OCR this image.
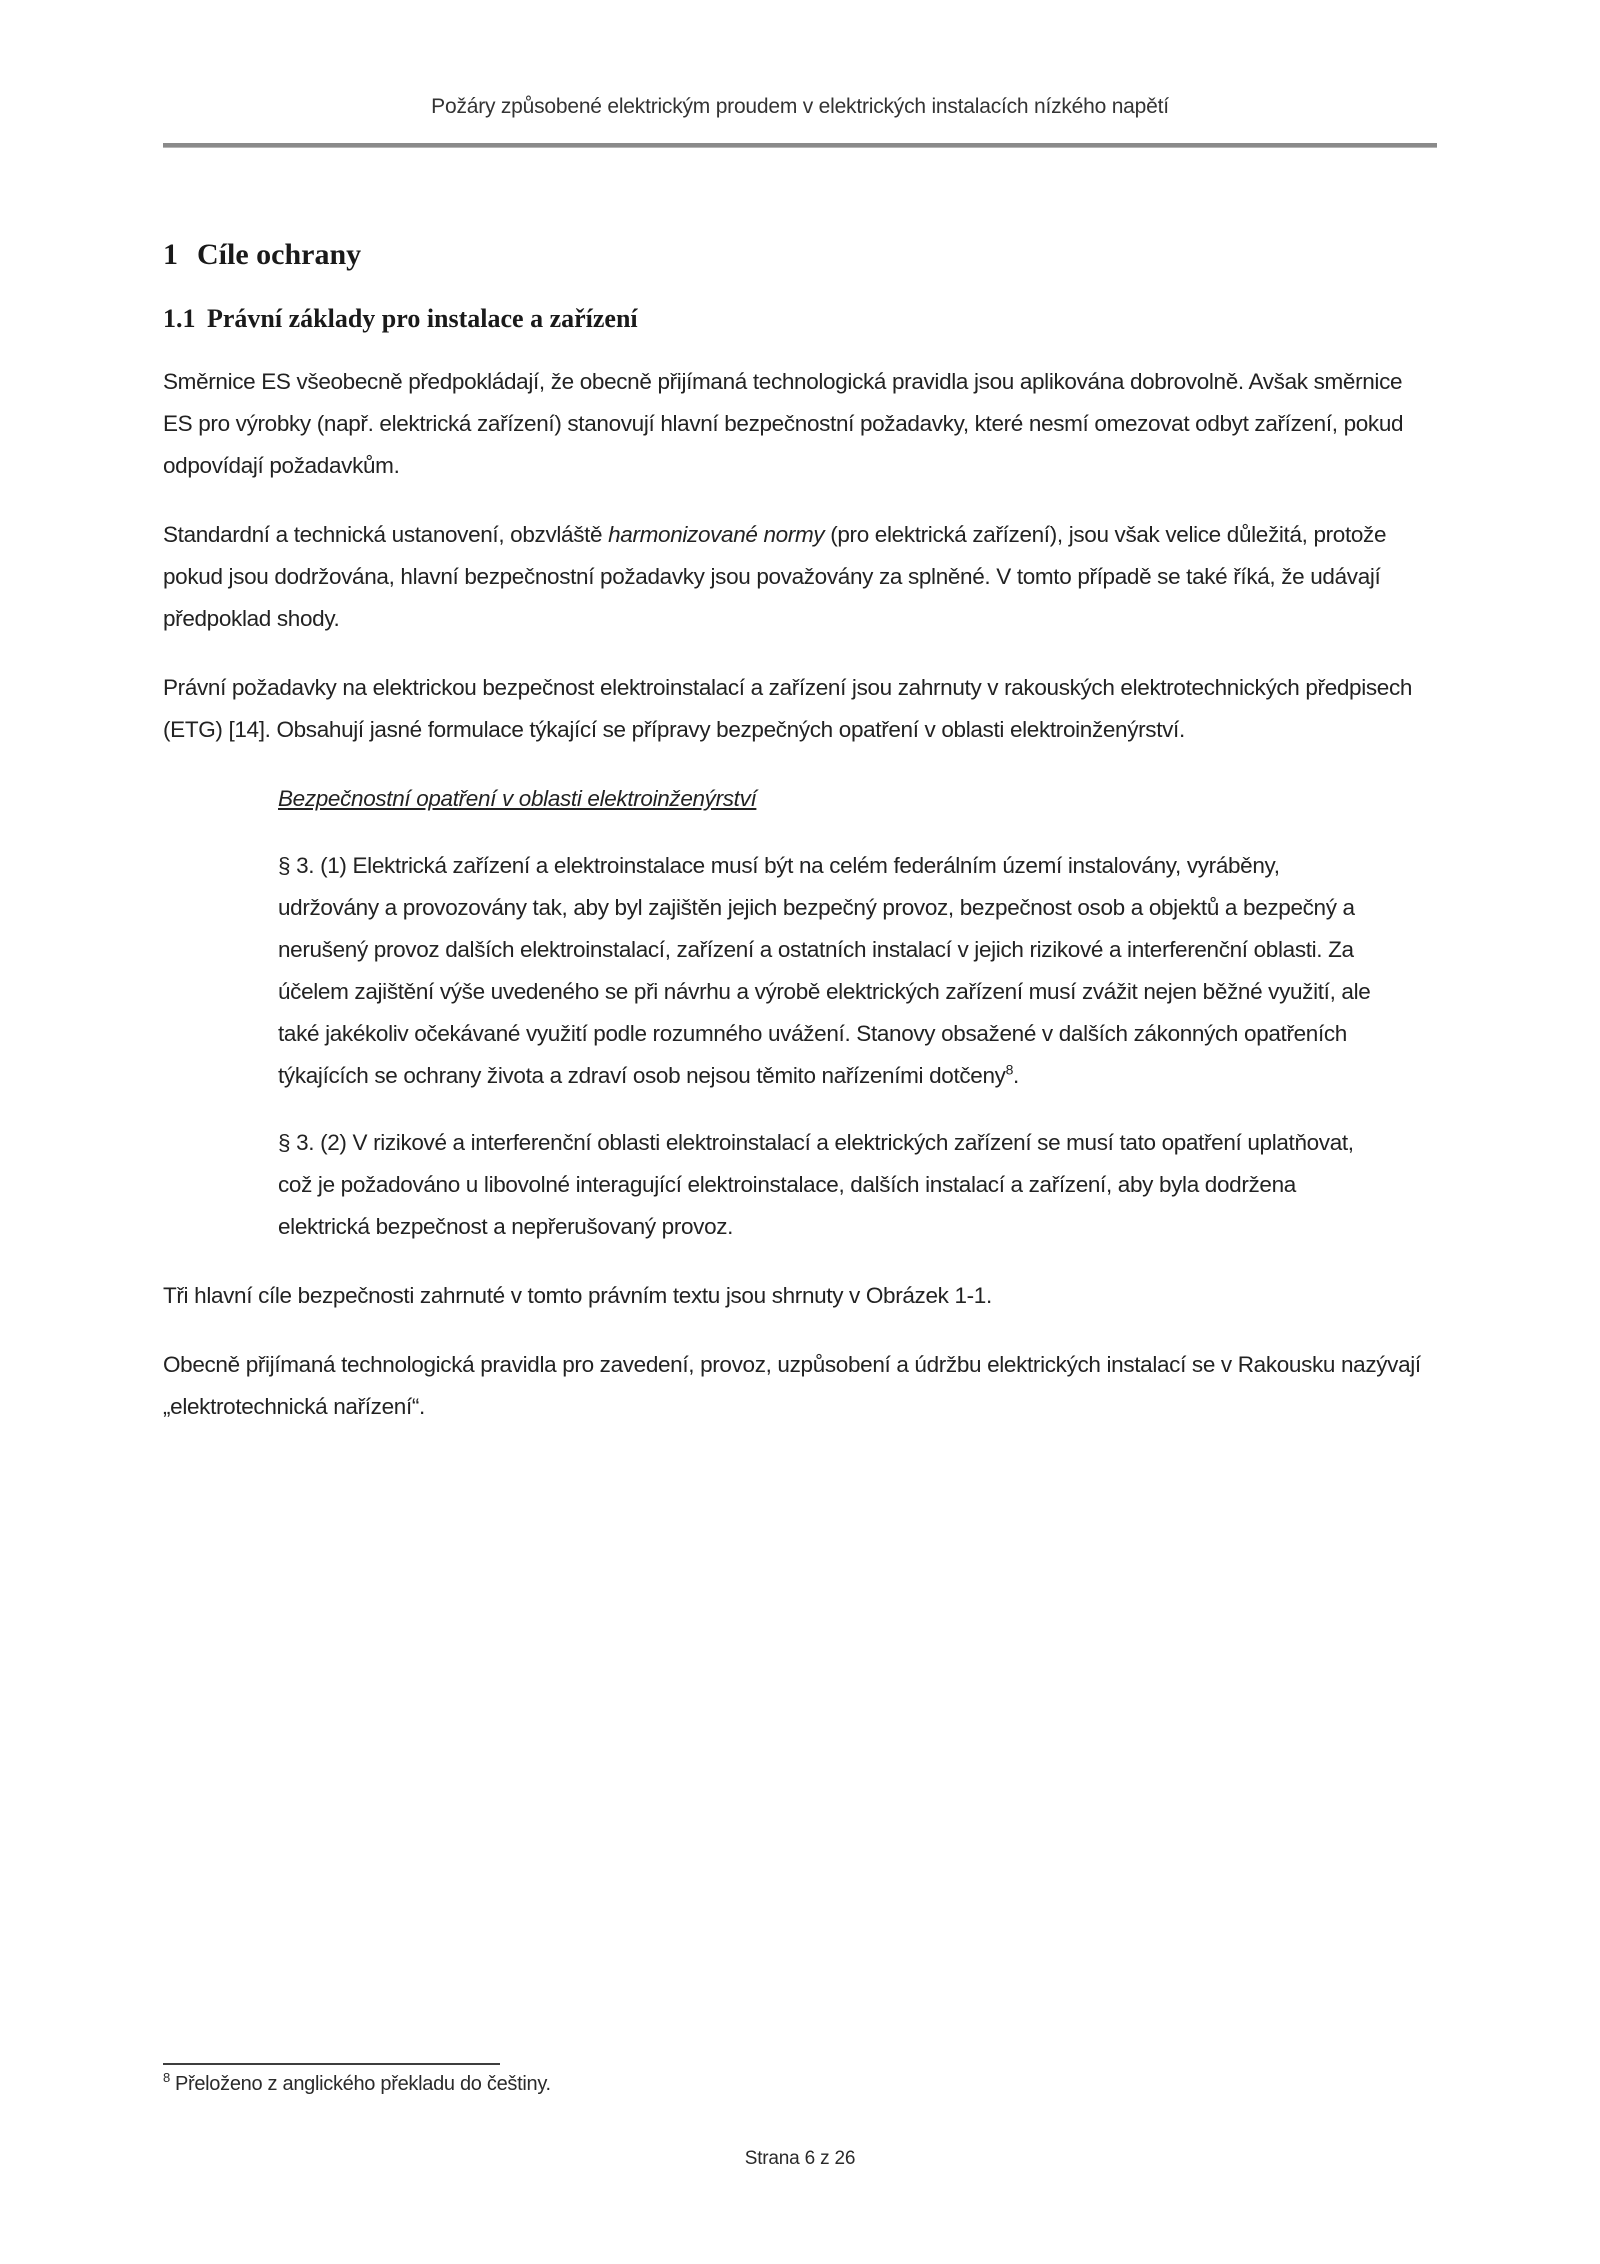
Požáry způsobené elektrickým proudem v elektrických instalacích nízkého napětí
1 Cíle ochrany
1.1 Právní základy pro instalace a zařízení

Směrnice ES všeobecně předpokládají, že obecně přijímaná technologická pravidla jsou aplikována dobrovolně. Avšak směrnice ES pro výrobky (např. elektrická zařízení) stanovují hlavní bezpečnostní požadavky, které nesmí omezovat odbyt zařízení, pokud odpovídají požadavkům.

Standardní a technická ustanovení, obzvláště harmonizované normy (pro elektrická zařízení), jsou však velice důležitá, protože pokud jsou dodržována, hlavní bezpečnostní požadavky jsou považovány za splněné. V tomto případě se také říká, že udávají předpoklad shody.

Právní požadavky na elektrickou bezpečnost elektroinstalací a zařízení jsou zahrnuty v rakouských elektrotechnických předpisech (ETG) [14]. Obsahují jasné formulace týkající se přípravy bezpečných opatření v oblasti elektroinženýrství.

Bezpečnostní opatření v oblasti elektroinženýrství

§ 3. (1) Elektrická zařízení a elektroinstalace musí být na celém federálním území instalovány, vyráběny, udržovány a provozovány tak, aby byl zajištěn jejich bezpečný provoz, bezpečnost osob a objektů a bezpečný a nerušený provoz dalších elektroinstalací, zařízení a ostatních instalací v jejich rizikové a interferenční oblasti. Za účelem zajištění výše uvedeného se při návrhu a výrobě elektrických zařízení musí zvážit nejen běžné využití, ale také jakékoliv očekávané využití podle rozumného uvážení. Stanovy obsažené v dalších zákonných opatřeních týkajících se ochrany života a zdraví osob nejsou těmito nařízeními dotčeny$^8$.

§ 3. (2) V rizikové a interferenční oblasti elektroinstalací a elektrických zařízení se musí tato opatření uplatňovat, což je požadováno u libovolné interagující elektroinstalace, dalších instalací a zařízení, aby byla dodržena elektrická bezpečnost a nepřerušovaný provoz.

Tři hlavní cíle bezpečnosti zahrnuté v tomto právním textu jsou shrnuty v Obrázek 1-1.

Obecně přijímaná technologická pravidla pro zavedení, provoz, uzpůsobení a údržbu elektrických instalací se v Rakousku nazývají „elektrotechnická nařízení“.

$^8$ Přeloženo z anglického překladu do češtiny.
Strana 6 z 26
